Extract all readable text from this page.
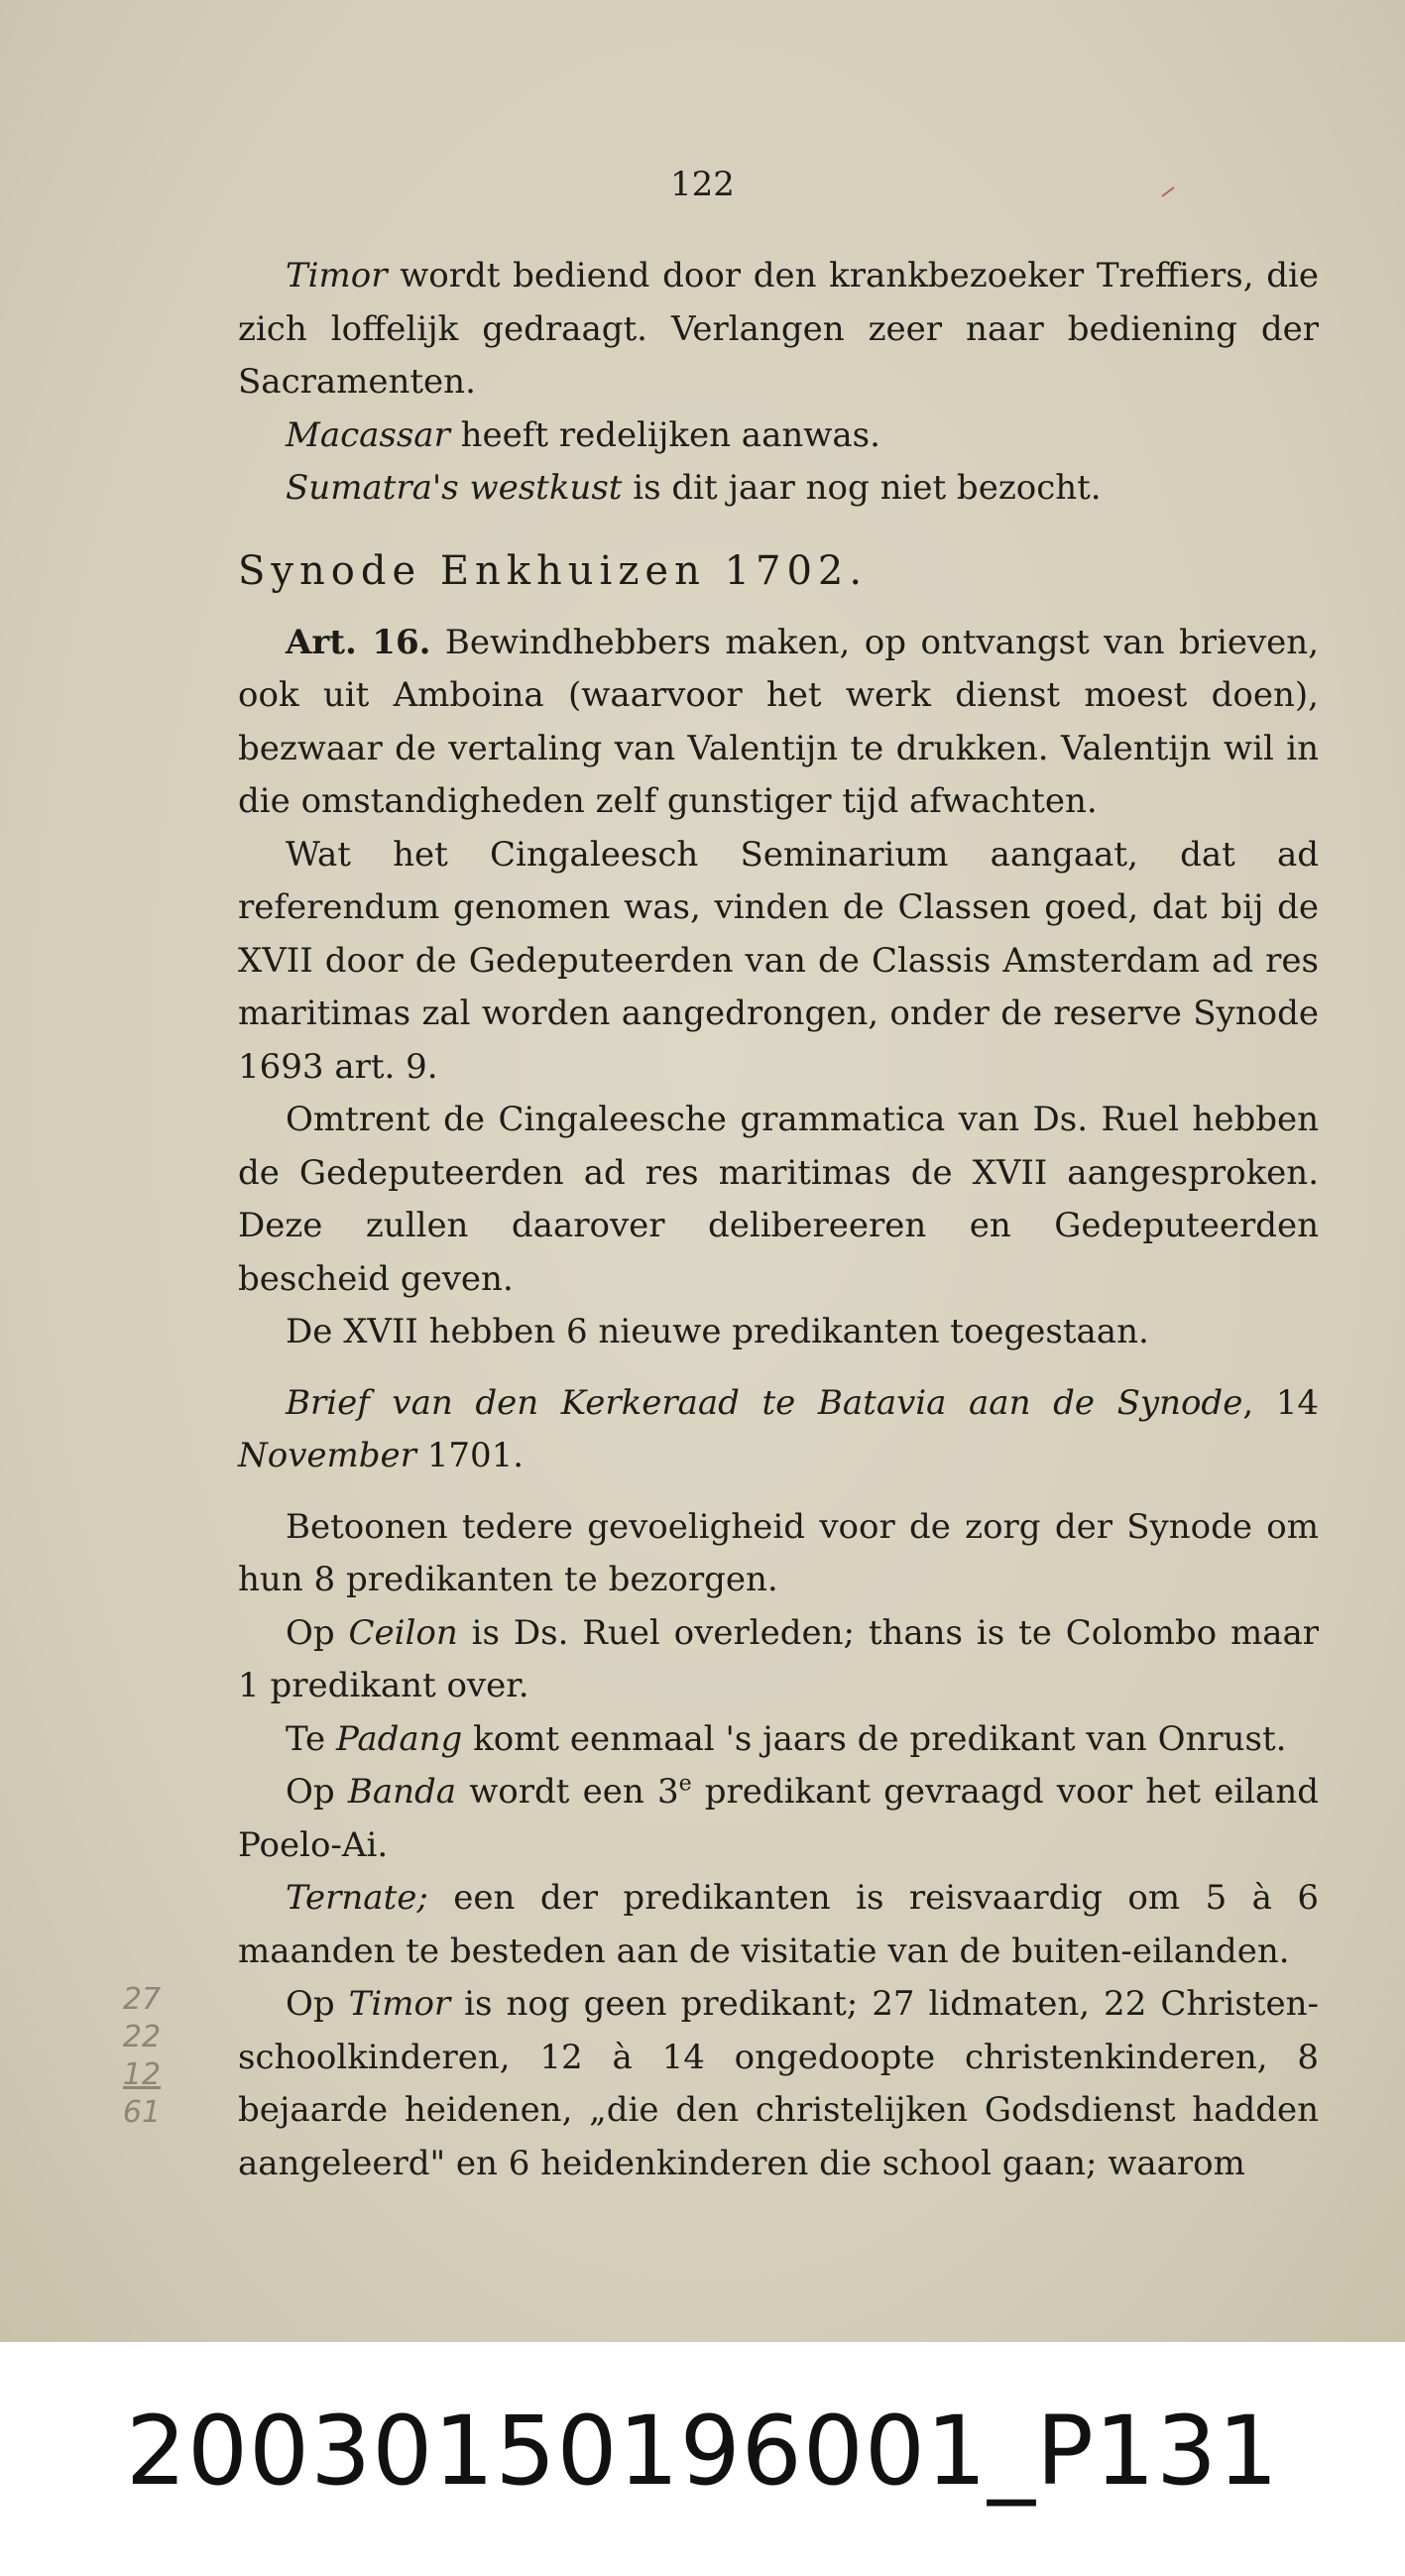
122

Timor wordt bediend door den krankbezoeker Treffiers, die zich loffelijk gedraagt. Verlangen zeer naar bediening der Sacramenten.

Macassar heeft redelijken aanwas.

Sumatra's westkust is dit jaar nog niet bezocht.

Synode Enkhuizen 1702.

Art. 16. Bewindhebbers maken, op ontvangst van brieven, ook uit Amboina (waarvoor het werk dienst moest doen), bezwaar de vertaling van Valentijn te drukken. Valentijn wil in die omstandigheden zelf gunstiger tijd afwachten.

Wat het Cingaleesch Seminarium aangaat, dat ad referendum genomen was, vinden de Classen goed, dat bij de XVII door de Gedeputeerden van de Classis Amsterdam ad res maritimas zal worden aangedrongen, onder de reserve Synode 1693 art. 9.

Omtrent de Cingaleesche grammatica van Ds. Ruel hebben de Gedeputeerden ad res maritimas de XVII aangesproken. Deze zullen daarover delibereeren en Gedeputeerden bescheid geven.

De XVII hebben 6 nieuwe predikanten toegestaan.

Brief van den Kerkeraad te Batavia aan de Synode, 14 November 1701.

Betoonen tedere gevoeligheid voor de zorg der Synode om hun 8 predikanten te bezorgen.

Op Ceilon is Ds. Ruel overleden; thans is te Colombo maar 1 predikant over.

Te Padang komt eenmaal 's jaars de predikant van Onrust.

Op Banda wordt een 3e predikant gevraagd voor het eiland Poelo-Ai.

Ternate; een der predikanten is reisvaardig om 5 à 6 maanden te besteden aan de visitatie van de buiten-eilanden.

Op Timor is nog geen predikant; 27 lidmaten, 22 Christen-schoolkinderen, 12 à 14 ongedoopte christenkinderen, 8 bejaarde heidenen, „die den christelijken Godsdienst hadden aangeleerd" en 6 heidenkinderen die school gaan; waarom

27
22
12
61
20030150196001_P131
